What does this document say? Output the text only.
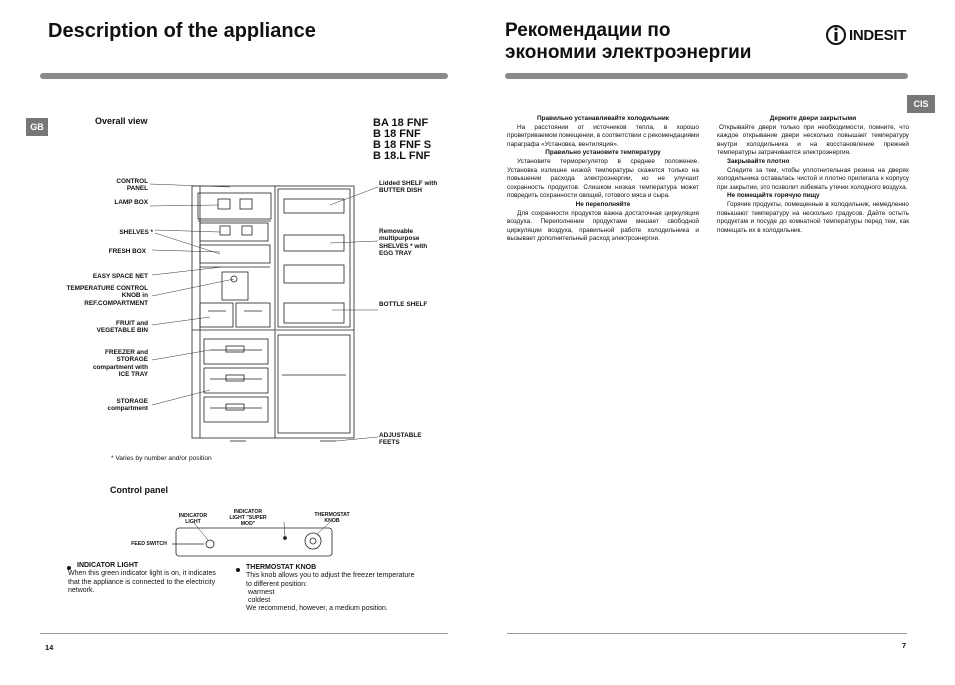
Description of the appliance
GB
Overall view	BA 18 FNF
B 18 FNF
B 18 FNF S
B 18.L FNF
CONTROL PANEL
LAMP BOX
SHELVES *
FRESH BOX
EASY SPACE NET
TEMPERATURE CONTROL KNOB in REF.COMPARTMENT
FRUIT and VEGETABLE BIN
FREEZER and STORAGE compartment with ICE TRAY
STORAGE compartment
Lidded SHELF with BUTTER DISH
Removable multipurpose SHELVES * with EGG TRAY
BOTTLE SHELF
ADJUSTABLE FEETS
* Varies by number and/or position
Control panel
INDICATOR LIGHT
INDICATOR LIGHT "SUPER MOD"
THERMOSTAT KNOB
FEED SWITCH
INDICATOR LIGHT
When this green indicator light is on, it indicates that the appliance is connected to the electricity network.
THERMOSTAT KNOB
This knob allows you to adjust the freezer temperature to different position:
warmest
coldest
We recommend, however, a medium position.
14
Рекомендации по экономии электроэнергии
INDESIT
CIS
Правильно устанавливайте холодильник
На расстоянии от источников тепла, в хорошо проветриваемом помещении, в соответствии с рекомендациями параграфа «Установка, вентиляция».
Правильно установите температуру
Установите терморегулятор в среднее положение. Установка излишне низкой температуры скажется только на повышении расхода электроэнергии, но не улучшит сохранность продуктов. Слишком низкая температура может повредить сохранности овощей, готового мяса и сыра.
Не переполняйте
Для сохранности продуктов важна достаточная циркуляция воздуха. Переполнение продуктами мешает свободной циркуляции воздуха, правильной работе холодильника и вызывает дополнительный расход электроэнергии.
Держите двери закрытыми
Открывайте двери только при необходимости, помните, что каждое открывание двери несколько повышает температуру внутри холодильника и на восстановление прежней температуры затрачивается электроэнергия.
Закрывайте плотно
Следите за тем, чтобы уплотнительная резина на дверях холодильника оставалась чистой и плотно прилегала к корпусу при закрытии, это позволит избежать утечки холодного воздуха.
Не помещайте горячую пищу
Горячие продукты, помещенные в холодильник, немедленно повышают температуру на несколько градусов. Дайте остыть продуктам и посуде до комнатной температуры перед тем, как помещать их в холодильник.
7
